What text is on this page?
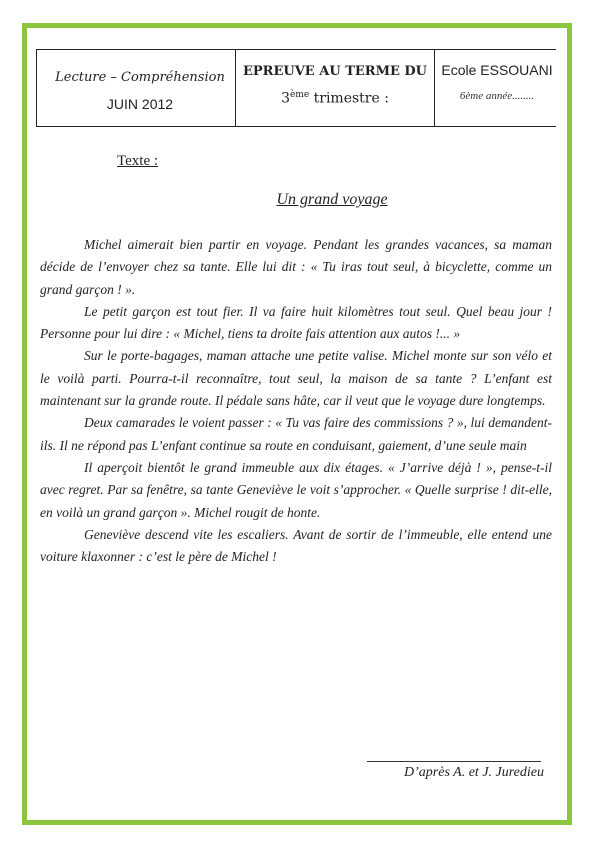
Lecture – Compréhension
JUIN 2012
EPREUVE AU TERME DU
3ème trimestre :
Ecole ESSOUANI
6ème année........
Texte :
Un grand voyage

Michel aimerait bien partir en voyage. Pendant les grandes vacances, sa maman décide de l’envoyer chez sa tante. Elle lui dit : « Tu iras tout seul, à bicyclette, comme un grand garçon ! ».

Le petit garçon est tout fier. Il va faire huit kilomètres tout seul. Quel beau jour ! Personne pour lui dire : « Michel, tiens ta droite fais attention aux autos !... »

Sur le porte-bagages, maman attache une petite valise. Michel monte sur son vélo et le voilà parti. Pourra-t-il reconnaître, tout seul, la maison de sa tante ? L’enfant est maintenant sur la grande route. Il pédale sans hâte, car il veut que le voyage dure longtemps.

Deux camarades le voient passer : « Tu vas faire des commissions ? », lui demandent-ils. Il ne répond pas L’enfant continue sa route en conduisant, gaiement, d’une seule main

Il aperçoit bientôt le grand immeuble aux dix étages. « J’arrive déjà ! », pense-t-il avec regret. Par sa fenêtre, sa tante Geneviève le voit s’approcher. « Quelle surprise ! dit-elle, en voilà un grand garçon ». Michel rougit de honte.

Geneviève descend vite les escaliers. Avant de sortir de l’immeuble, elle entend une voiture klaxonner : c’est le père de Michel !

D’après A. et J. Juredieu
